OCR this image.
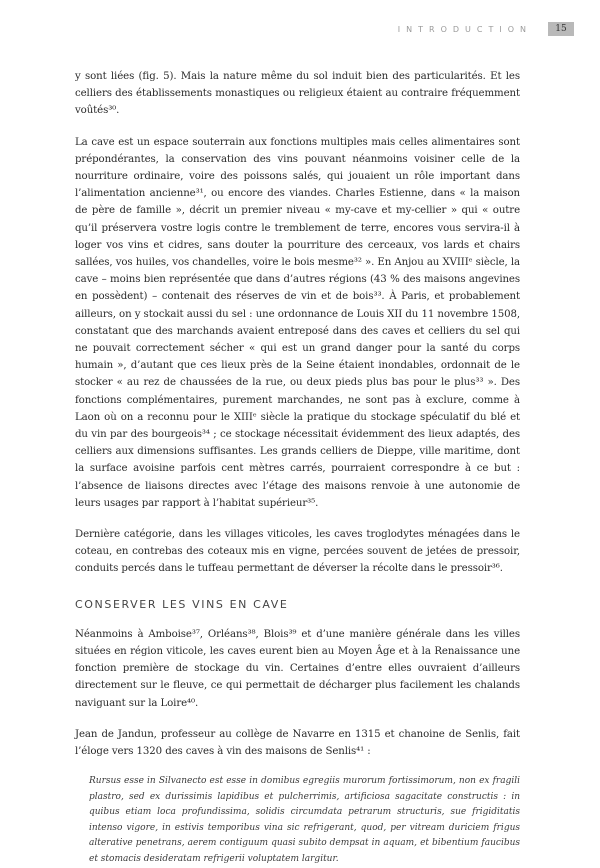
INTRODUCTION	15

y sont liées (fig. 5). Mais la nature même du sol induit bien des particularités. Et les celliers des établissements monastiques ou religieux étaient au contraire fréquemment voûtés³⁰.

La cave est un espace souterrain aux fonctions multiples mais celles alimentaires sont prépondérantes, la conservation des vins pouvant néanmoins voisiner celle de la nourriture ordinaire, voire des poissons salés, qui jouaient un rôle important dans l’alimentation ancienne³¹, ou encore des viandes. Charles Estienne, dans « la maison de père de famille », décrit un premier niveau « my-cave et my-cellier » qui « outre qu’il préservera vostre logis contre le tremblement de terre, encores vous servira-il à loger vos vins et cidres, sans douter la pourriture des cerceaux, vos lards et chairs sallées, vos huiles, vos chandelles, voire le bois mesme³² ». En Anjou au XVIIIᵉ siècle, la cave – moins bien représentée que dans d’autres régions (43 % des maisons angevines en possèdent) – contenait des réserves de vin et de bois³³. À Paris, et probablement ailleurs, on y stockait aussi du sel : une ordonnance de Louis XII du 11 novembre 1508, constatant que des marchands avaient entreposé dans des caves et celliers du sel qui ne pouvait correctement sécher « qui est un grand danger pour la santé du corps humain », d’autant que ces lieux près de la Seine étaient inondables, ordonnait de le stocker « au rez de chaussées de la rue, ou deux pieds plus bas pour le plus³³ ». Des fonctions complémentaires, purement marchandes, ne sont pas à exclure, comme à Laon où on a reconnu pour le XIIIᵉ siècle la pratique du stockage spéculatif du blé et du vin par des bourgeois³⁴ ; ce stockage nécessitait évidemment des lieux adaptés, des celliers aux dimensions suffisantes. Les grands celliers de Dieppe, ville maritime, dont la surface avoisine parfois cent mètres carrés, pourraient correspondre à ce but : l’absence de liaisons directes avec l’étage des maisons renvoie à une autonomie de leurs usages par rapport à l’habitat supérieur³⁵.

Dernière catégorie, dans les villages viticoles, les caves troglodytes ménagées dans le coteau, en contrebas des coteaux mis en vigne, percées souvent de jetées de pressoir, conduits percés dans le tuffeau permettant de déverser la récolte dans le pressoir³⁶.

CONSERVER LES VINS EN CAVE

Néanmoins à Amboise³⁷, Orléans³⁸, Blois³⁹ et d’une manière générale dans les villes situées en région viticole, les caves eurent bien au Moyen Âge et à la Renaissance une fonction première de stockage du vin. Certaines d’entre elles ouvraient d’ailleurs directement sur le fleuve, ce qui permettait de décharger plus facilement les chalands naviguant sur la Loire⁴⁰.

Jean de Jandun, professeur au collège de Navarre en 1315 et chanoine de Senlis, fait l’éloge vers 1320 des caves à vin des maisons de Senlis⁴¹ :

Rursus esse in Silvanecto est esse in domibus egregiis murorum fortissimorum, non ex fragili plastro, sed ex durissimis lapidibus et pulcherrimis, artificiosa sagacitate constructis : in quibus etiam loca profundissima, solidis circumdata petrarum structuris, sue frigiditatis intenso vigore, in estivis temporibus vina sic refrigerant, quod, per vitream duriciem frigus alterative penetrans, aerem contiguum quasi subito dempsat in aquam, et bibentium faucibus et stomacis desideratam refrigerii voluptatem largitur.
